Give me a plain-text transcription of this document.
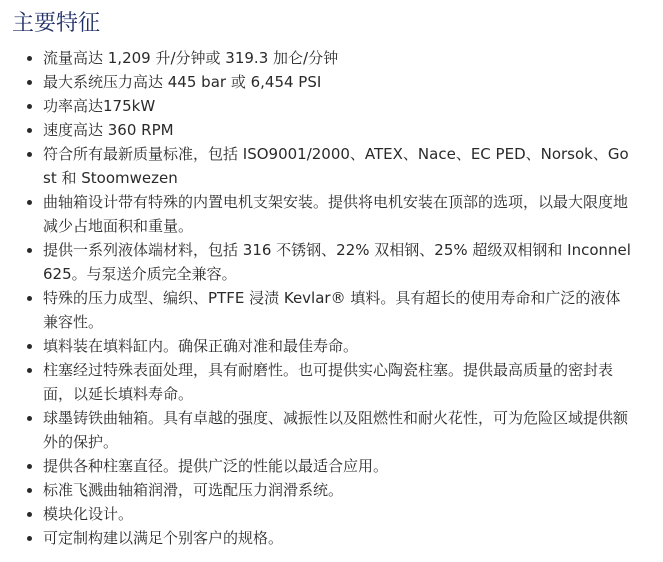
主要特征
流量高达 1,209 升/分钟或 319.3 加仑/分钟
最大系统压力高达 445 bar 或 6,454 PSI
功率高达175kW
速度高达 360 RPM
符合所有最新质量标准，包括 ISO9001/2000、ATEX、Nace、EC PED、Norsok、Gost 和 Stoomwezen
曲轴箱设计带有特殊的内置电机支架安装。提供将电机安装在顶部的选项，以最大限度地减少占地面积和重量。
提供一系列液体端材料，包括 316 不锈钢、22% 双相钢、25% 超级双相钢和 Inconnel 625。与泵送介质完全兼容。
特殊的压力成型、编织、PTFE 浸渍 Kevlar® 填料。具有超长的使用寿命和广泛的液体兼容性。
填料装在填料缸内。确保正确对准和最佳寿命。
柱塞经过特殊表面处理，具有耐磨性。也可提供实心陶瓷柱塞。提供最高质量的密封表面，以延长填料寿命。
球墨铸铁曲轴箱。具有卓越的强度、减振性以及阻燃性和耐火花性，可为危险区域提供额外的保护。
提供各种柱塞直径。提供广泛的性能以最适合应用。
标准飞溅曲轴箱润滑，可选配压力润滑系统。
模块化设计。
可定制构建以满足个别客户的规格。
